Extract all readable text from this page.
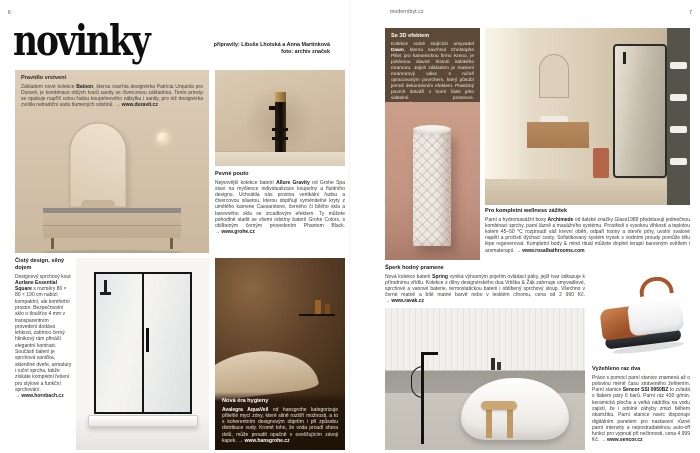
6	7
modernibyt.cz
novinky	připravily: Libuše Lhotská a Anna Martínková
foto: archiv značek
Pravidlo vrstvení

Základem nové kolekce Baloon, kterou navrhla designérka Patricia Urquiola pro Duravit, je kombinace oblých tvarů sanity se čtvercovou základnou. Tento princip se opakuje napříč celou řadou koupelnového nábytku i sanity, pro niž designérka zvolila netradiční sadu tlumených odstínů. → www.duravit.cz

Pevné pouto

Nejnovější kolekce baterií Allure Gravity od Grohe Spa staví na myšlence individualizace koupelny a fluidního designu. Uchvátila nás prostou vertikální řadou a čtvercovou siluetou, kterou doplňují vyměnitelné kryty z umělého kamene Caesarstone, černého či bílého skla a barevného skla se zrcadlovým efektem. Ty můžete pohodlně sladit se všemi odstíny baterií Grohe Colors, s oblíbeným černým provedením Phantom Black. → www.grohe.cz

Čistý design, silný dojem

Designový sprchový kout Aurlane Essential Square s rozměry 80 × 80 × 190 cm nabízí kompaktní, ale komfortní prostor. Bezpečnostní sklo o tloušťce 4 mm v transparentním provedení dodává lehkost, zatímco černý hliníkový rám přináší elegantní kontrast. Součástí balení je sprchová vanička, skleněné dveře, armatury i ruční sprcha, takže získáte kompletní řešení pro stylové a funkční sprchování. → www.hornbach.cz

Nová éra hygieny

Avalegra AquaVeil od hansgrohe kategorizuje přilehlé mycí zóny, které silně rozšíří možnosti, a to s koherentním designovým objetím i při způsobu distribuce vody. Kromě toho, že voda proudí shora dolů, může proudit opačně v osvěžujícím závoji kapek. → www.hansgrohe.cz

Se 3D efektem

Kolekce volně stojících umyvadel Dawn, kterou navrhnul Christophe Pillet pro kamenickou firmu Kreoo, je poklonou slavné historii italského mramoru. Jejich základem je masivní mramorový válec s ručně opracovaným povrchem, který působí jemně dekorativním efektem. Plastický povrch dotváří v horní části jeho viditelné prezence.

Pro kompletní wellness zážitek

Parní a hydromasážní boxy Archimede od italské značky Glass1989 představují jedinečnou kombinaci sprchy, parní lázně a masážního systému. Prostředí s vysokou vlhkostí a teplotou kolem 45–50 °C rozproudí váš krevní oběh, odpaří toxiny a otevře póry, uvolní svalové napětí a pročistí dýchací cesty. Sofistikovaný systém trysek s vodními proudy pomůže tělu lépe regenerovat. Kompletní body & mind rituál můžete doplnit terapií barevným světlem i aromaterapií. → www.rosalbathrooms.com

Šperk hodný pramene

Nová kolekce baterií Spring vyniká výtvarným pojetím ovládací páky, jejíž tvar odkazuje k přírodnímu vřídlu. Kolekce z dílny designérského dua Vrtiška & Žák zahrnuje umyvadlové, sprchové a vanové baterie, termostatickou baterii i oblíbený sprchový sloup. Všechno v černé matné a bílé matné barvě nebo v lesklém chromu, cena od 2 990 Kč. → www.ravak.cz

Vyžehleno raz dva

Práce s pomocí parní stanice znamená až o polovinu méně času stráveného žehlením. Parní stanice Sencor SSI 0950BZ to zvládá s tlakem páry 6 barů. Parní ráz 430 g/min, keramická plocha a velká nádržka na vodu zajistí, že i odolné záhyby zmizí během okamžiku. Parní stanice navíc disponuje digitálním panelem pro nastavení různé parní intenzity a nepostradatelnou auto-off funkcí pro vypnutí při nečinnosti, cena 4 999 Kč. → www.sencor.cz
